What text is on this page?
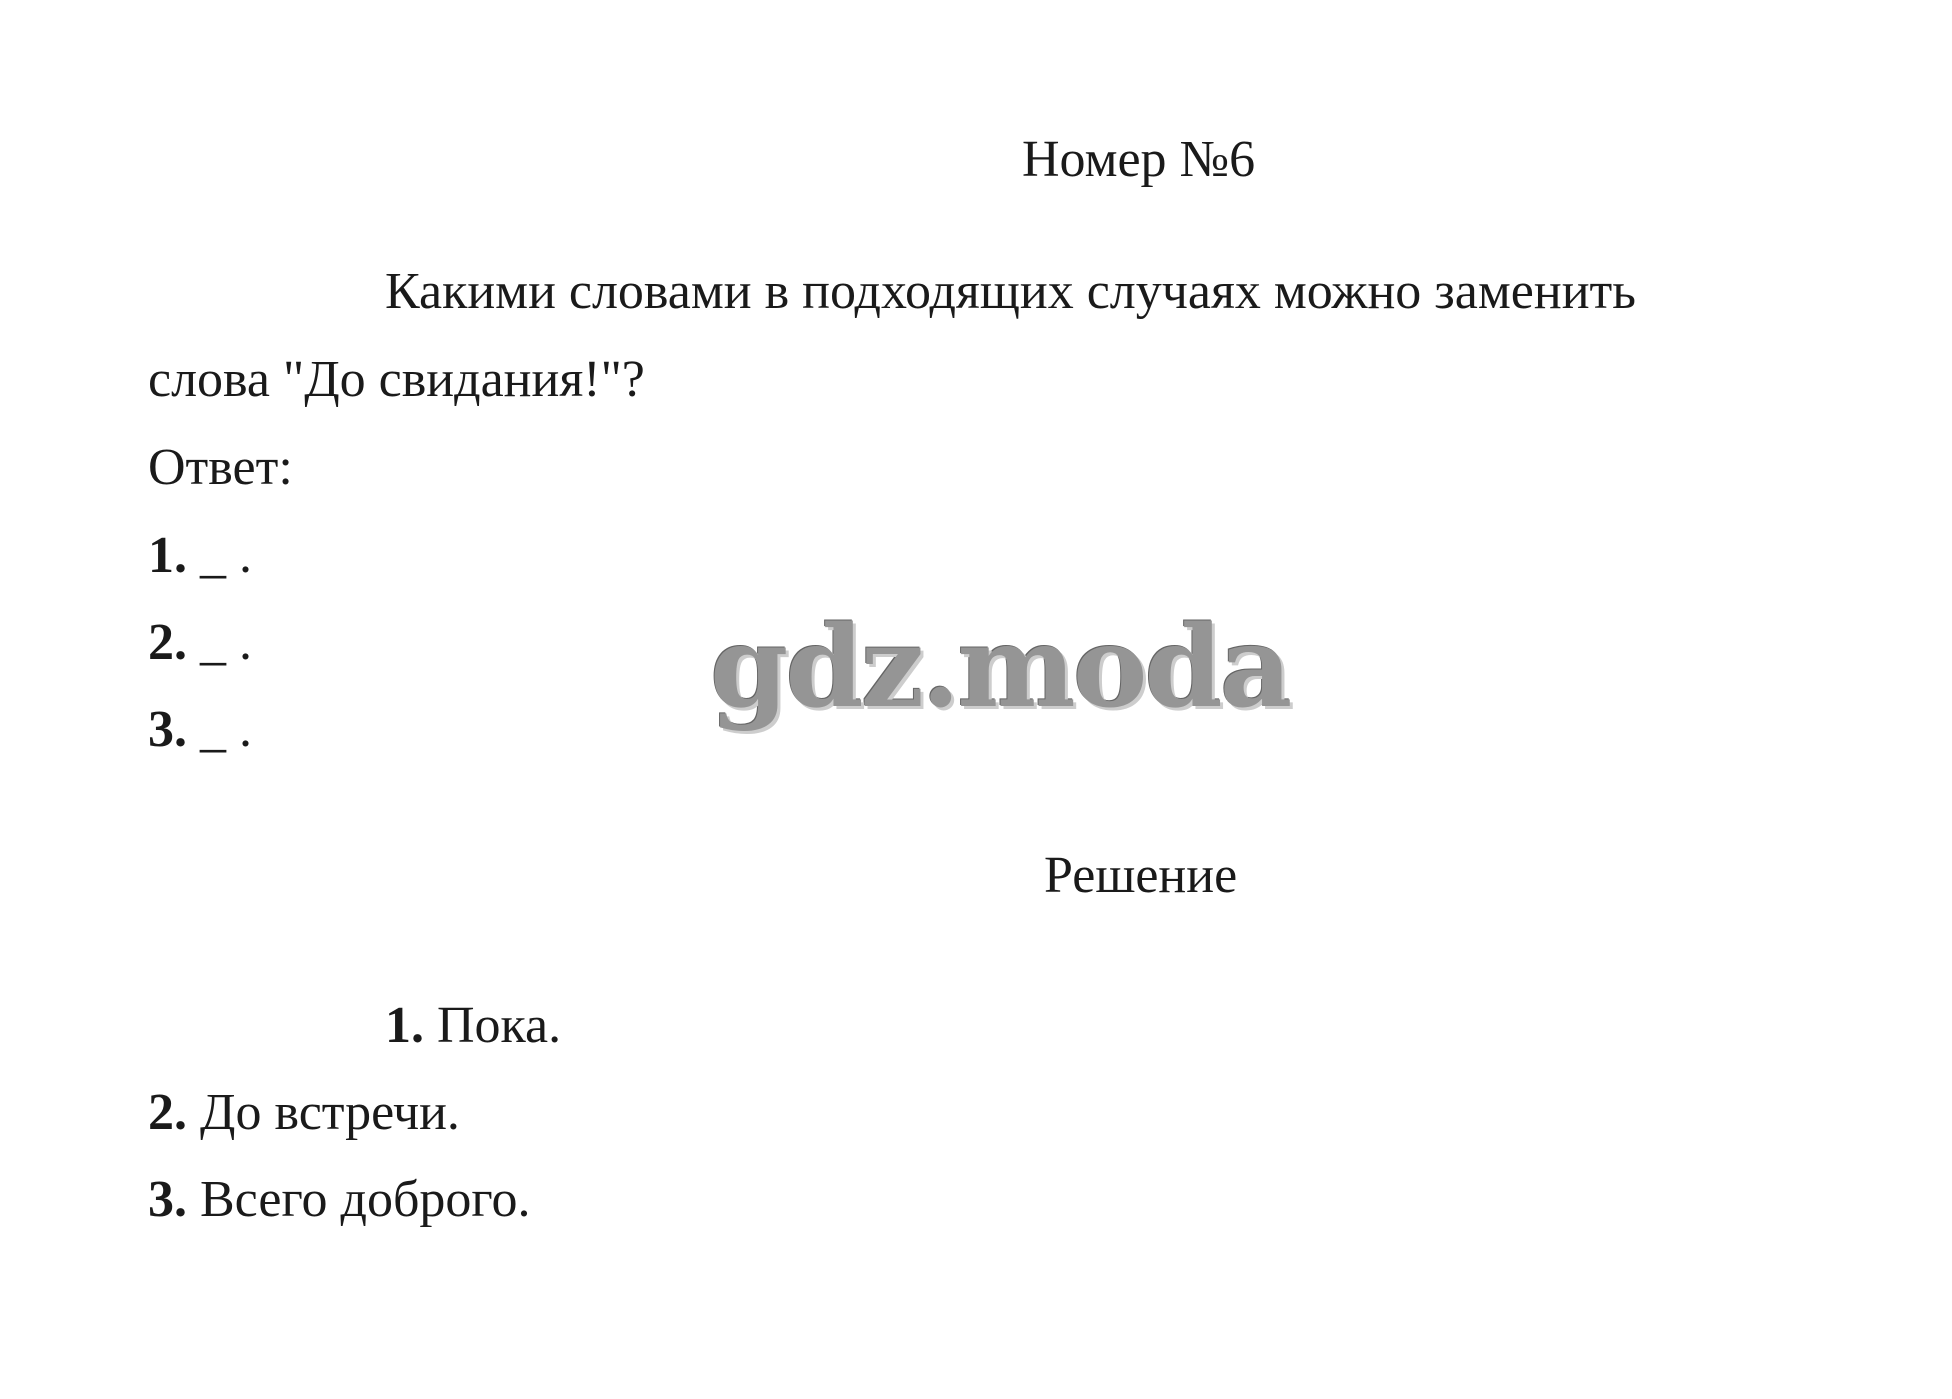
Номер №6
Какими словами в подходящих случаях можно заменить
слова "До свидания!"?
Ответ:
1. _ .
2. _ .
3. _ .	gdz.moda
Решение
1. Пока.
2. До встречи.
3. Всего доброго.
